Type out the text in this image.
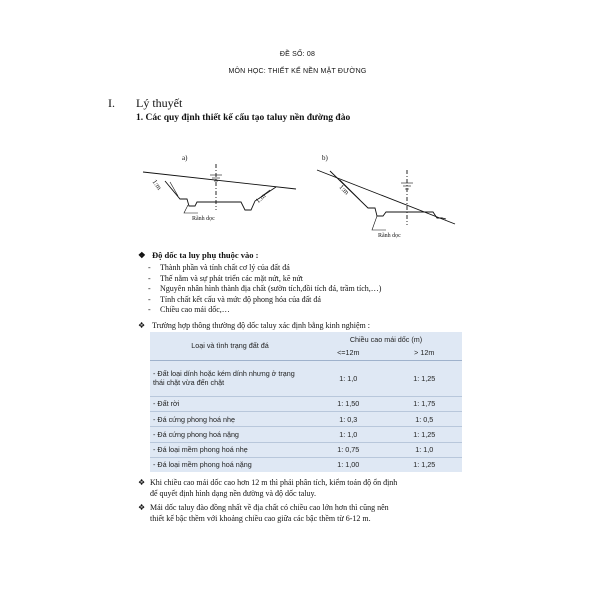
ĐỀ SỐ: 08
MÔN HỌC: THIẾT KẾ NỀN MẶT ĐƯỜNG
I. Lý thuyết
1. Các quy định thiết kế cấu tạo taluy nền đường đào
a)	b)
1:m
1:m
1:m
Rãnh dọc
Rãnh dọc
❖ Độ dốc ta luy phụ thuộc vào :
- Thành phần và tính chất cơ lý của đất đá
- Thế nằm và sự phát triển các mặt nứt, kẽ nứt
- Nguyên nhân hình thành địa chất (sườn tích,đồi tích đá, trầm tích,…)
- Tính chất kết cấu và mức độ phong hóa của đất đá
- Chiều cao mái dốc,…
❖ Trường hợp thông thường độ dốc taluy xác định bằng kinh nghiệm :
Loại và tình trạng đất đá	Chiều cao mái dốc (m)	
	<=12m	> 12m
- Đất loại dính hoặc kém dính nhưng ở trạng thái chặt vừa đến chặt	1: 1,0	1: 1,25
- Đất rời	1: 1,50	1: 1,75
- Đá cứng phong hoá nhẹ	1: 0,3	1: 0,5
- Đá cứng phong hoá nặng	1: 1,0	1: 1,25
- Đá loại mềm phong hoá nhẹ	1: 0,75	1: 1,0
- Đá loại mềm phong hoá nặng	1: 1,00	1: 1,25
❖ Khi chiều cao mái dốc cao hơn 12 m thì phải phân tích, kiểm toán độ ổn định
để quyết định hình dạng nền đường và độ dốc taluy.
❖ Mái dốc taluy đào đồng nhất về địa chất có chiều cao lớn hơn thì cũng nên
thiết kế bậc thềm với khoảng chiều cao giữa các bậc thềm từ 6-12 m.
